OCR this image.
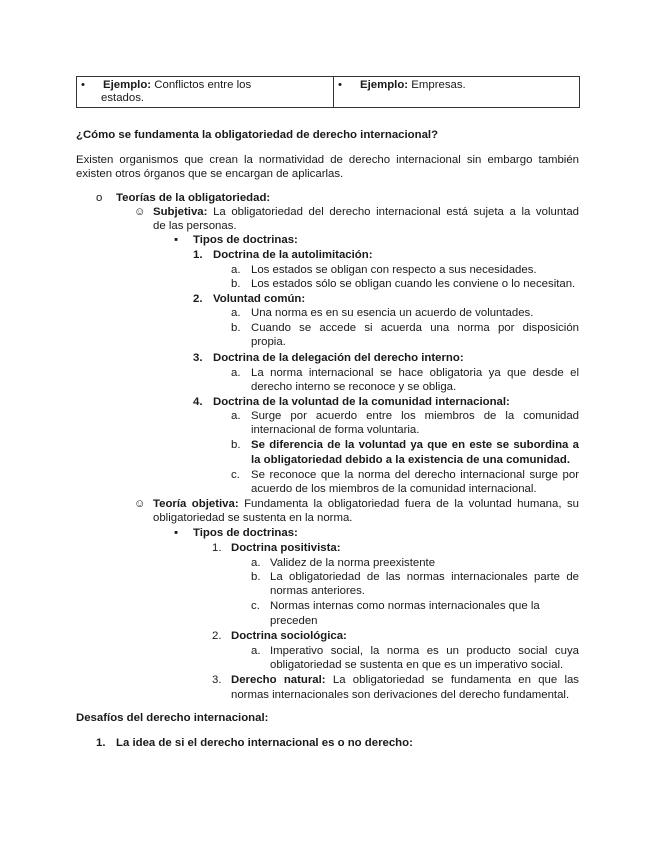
• Ejemplo: Conflictos entre los
estados.	• Ejemplo: Empresas.
¿Cómo se fundamenta la obligatoriedad de derecho internacional?
Existen organismos que crean la normatividad de derecho internacional sin embargo también
existen otros órganos que se encargan de aplicarlas.
o Teorías de la obligatoriedad:
☺ Subjetiva: La obligatoriedad del derecho internacional está sujeta a la voluntad
de las personas.
▪ Tipos de doctrinas:
1. Doctrina de la autolimitación:
a. Los estados se obligan con respecto a sus necesidades.
b. Los estados sólo se obligan cuando les conviene o lo necesitan.
2. Voluntad común:
a. Una norma es en su esencia un acuerdo de voluntades.
b. Cuando se accede si acuerda una norma por disposición
propia.
3. Doctrina de la delegación del derecho interno:
a. La norma internacional se hace obligatoria ya que desde el
derecho interno se reconoce y se obliga.
4. Doctrina de la voluntad de la comunidad internacional:
a. Surge por acuerdo entre los miembros de la comunidad
internacional de forma voluntaria.
b. Se diferencia de la voluntad ya que en este se subordina a
la obligatoriedad debido a la existencia de una comunidad.
c. Se reconoce que la norma del derecho internacional surge por
acuerdo de los miembros de la comunidad internacional.
☺ Teoría objetiva: Fundamenta la obligatoriedad fuera de la voluntad humana, su
obligatoriedad se sustenta en la norma.
▪ Tipos de doctrinas:
1. Doctrina positivista:
a. Validez de la norma preexistente
b. La obligatoriedad de las normas internacionales parte de
normas anteriores.
c. Normas internas como normas internacionales que la
preceden
2. Doctrina sociológica:
a. Imperativo social, la norma es un producto social cuya
obligatoriedad se sustenta en que es un imperativo social.
3. Derecho natural: La obligatoriedad se fundamenta en que las
normas internacionales son derivaciones del derecho fundamental.
Desafíos del derecho internacional:
1. La idea de si el derecho internacional es o no derecho:
